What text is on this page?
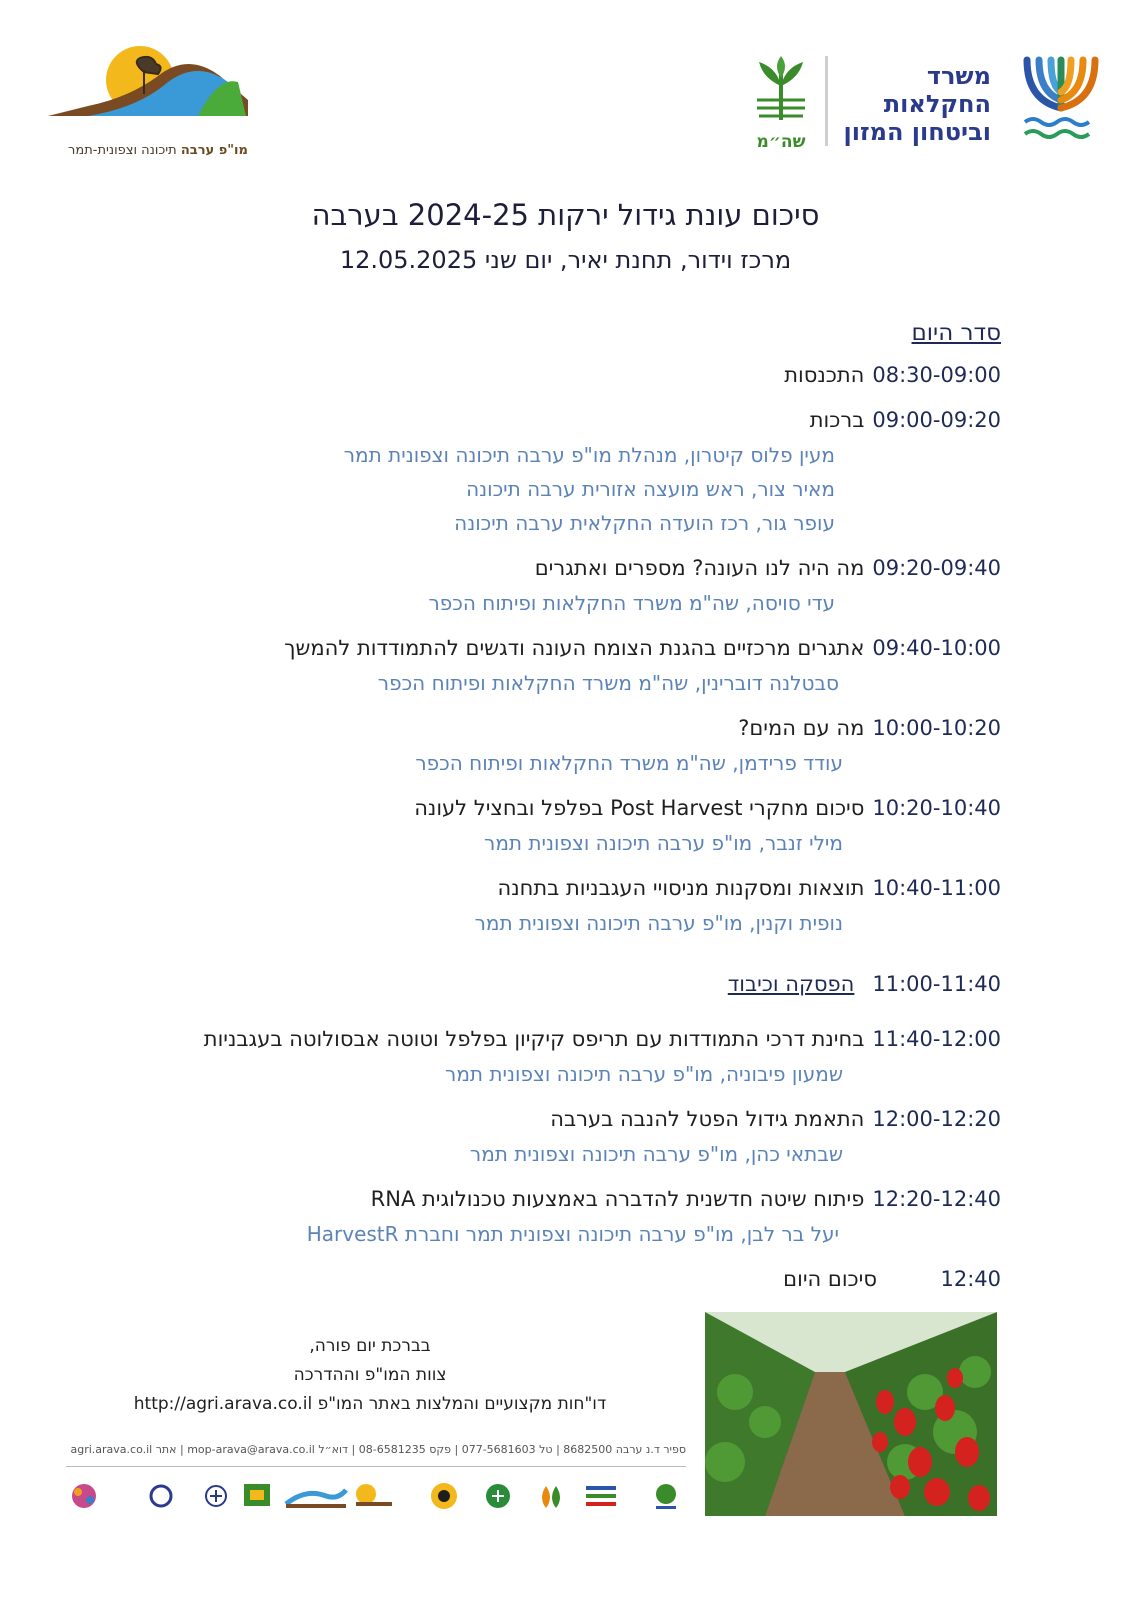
משרד
החקלאות
וביטחון המזון
שה״מ
מו"פ ערבה תיכונה וצפונית-תמר
סיכום עונת גידול ירקות 2024-25 בערבה
מרכז וידור, תחנת יאיר, יום שני 12.05.2025
סדר היום
08:30-09:00התכנסות
09:00-09:20ברכות
מעין פלוס קיטרון, מנהלת מו"פ ערבה תיכונה וצפונית תמר
מאיר צור, ראש מועצה אזורית ערבה תיכונה
עופר גור, רכז הועדה החקלאית ערבה תיכונה
09:20-09:40מה היה לנו העונה? מספרים ואתגרים
עדי סויסה, שה"מ משרד החקלאות ופיתוח הכפר
09:40-10:00אתגרים מרכזיים בהגנת הצומח העונה ודגשים להתמודדות להמשך
סבטלנה דוברינין, שה"מ משרד החקלאות ופיתוח הכפר
10:00-10:20מה עם המים?
עודד פרידמן, שה"מ משרד החקלאות ופיתוח הכפר
10:20-10:40סיכום מחקרי Post Harvest בפלפל ובחציל לעונה
מילי זנבר, מו"פ ערבה תיכונה וצפונית תמר
10:40-11:00תוצאות ומסקנות מניסויי העגבניות בתחנה
נופית וקנין, מו"פ ערבה תיכונה וצפונית תמר
11:00-11:40הפסקה וכיבוד
11:40-12:00בחינת דרכי התמודדות עם תריפס קיקיון בפלפל וטוטה אבסולוטה בעגבניות
שמעון פיבוניה, מו"פ ערבה תיכונה וצפונית תמר
12:00-12:20התאמת גידול הפטל להנבה בערבה
שבתאי כהן, מו"פ ערבה תיכונה וצפונית תמר
12:20-12:40פיתוח שיטה חדשנית להדברה באמצעות טכנולוגית RNA
יעל בר לבן, מו"פ ערבה תיכונה וצפונית תמר וחברת HarvestR
12:40סיכום היום
בברכת יום פורה,
צוות המו"פ וההדרכה
דו"חות מקצועיים והמלצות באתר המו"פ http://agri.arava.co.il
ספיר ד.נ ערבה 8682500 | טל 077-5681603 | פקס 08-6581235 | דוא״ל mop-arava@arava.co.il | אתר agri.arava.co.il
